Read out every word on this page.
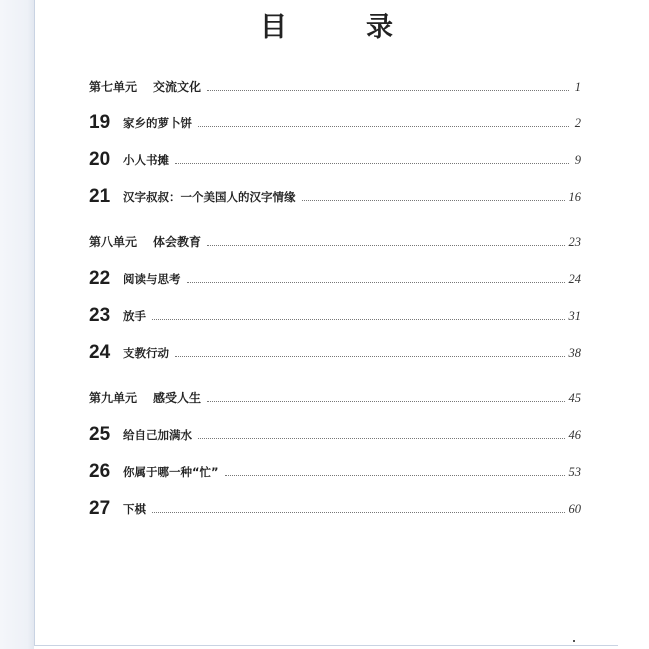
目　录
第七单元 交流文化	1
19	家乡的萝卜饼	2
20	小人书摊	9
21	汉字叔叔：一个美国人的汉字情缘	16
第八单元 体会教育	23
22	阅读与思考	24
23	放手	31
24	支教行动	38
第九单元 感受人生	45
25	给自己加满水	46
26	你属于哪一种“忙”	53
27	下棋	60
